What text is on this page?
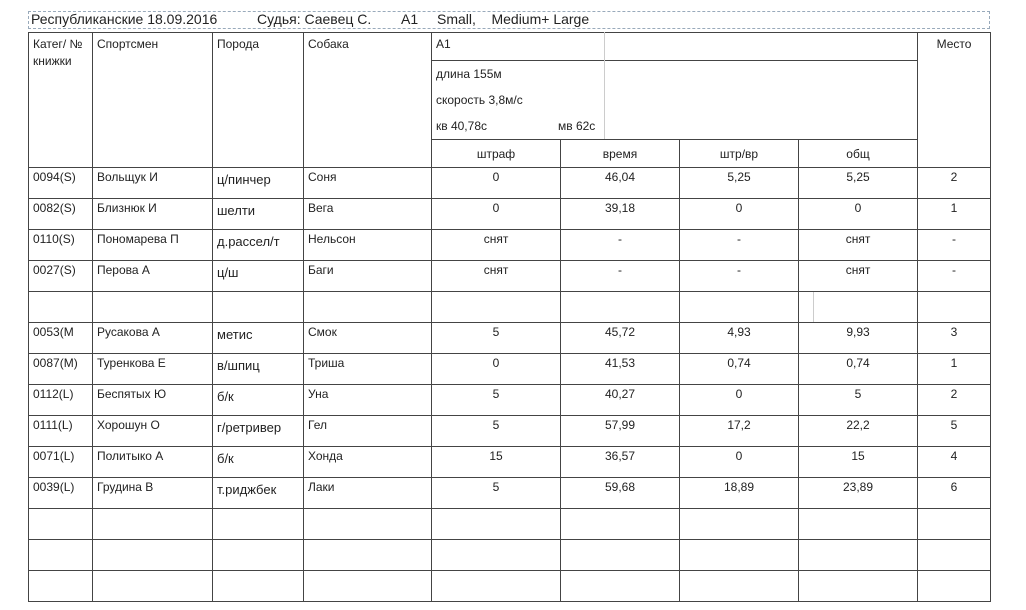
Республиканские 18.09.2016	Судья: Саевец С. A1 Small,    Medium+ Large
Катег/ № книжки	Спортсмен	Порода	Собака	A1				Место

				длина 155м
скорость 3,8м/с
кв 40,78с мв 62с				

				штраф	время	штр/вр	общ	
0094(S)	Вольщук И	ц/пинчер	Соня	0	46,04	5,25	5,25	2
0082(S)	Близнюк И	шелти	Вега	0	39,18	0	0	1
0110(S)	Пономарева П	д.рассел/т	Нельсон	снят	-	-	снят	-
0027(S)	Перова А	ц/ш	Баги	снят	-	-	снят	-

0053(M	Русакова А	метис	Смок	5	45,72	4,93	9,93	3
0087(M)	Туренкова Е	в/шпиц	Триша	0	41,53	0,74	0,74	1
0112(L)	Беспятых Ю	б/к	Уна	5	40,27	0	5	2
0111(L)	Хорошун О	г/ретривер	Гел	5	57,99	17,2	22,2	5
0071(L)	Политыко А	б/к	Хонда	15	36,57	0	15	4
0039(L)	Грудина В	т.риджбек	Лаки	5	59,68	18,89	23,89	6
